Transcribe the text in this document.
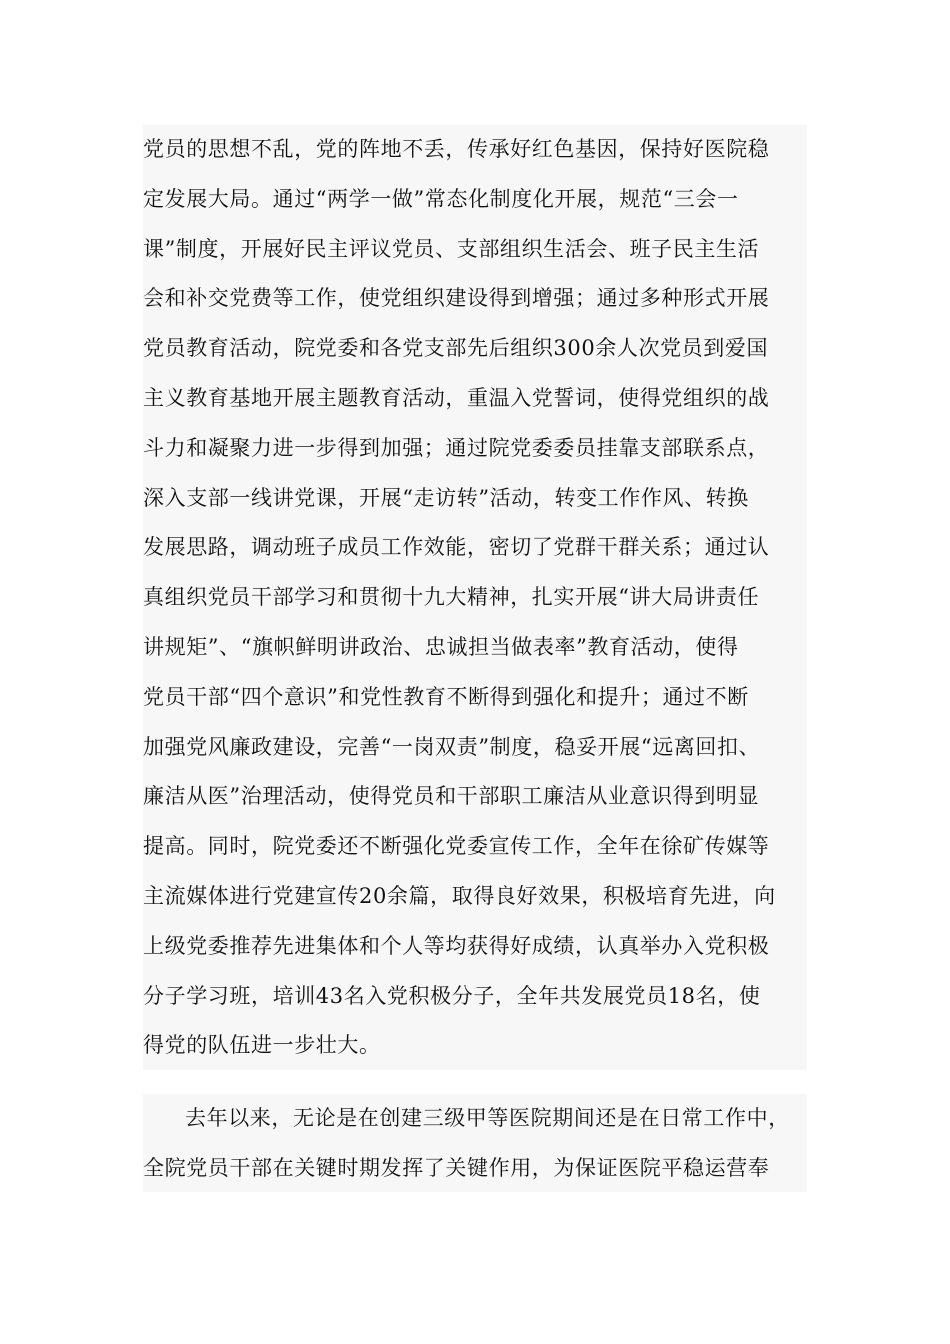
党员的思想不乱，党的阵地不丢，传承好红色基因，保持好医院稳
定发展大局。通过“两学一做”常态化制度化开展，规范“三会一
课”制度，开展好民主评议党员、支部组织生活会、班子民主生活
会和补交党费等工作，使党组织建设得到增强；通过多种形式开展
党员教育活动，院党委和各党支部先后组织300余人次党员到爱国
主义教育基地开展主题教育活动，重温入党誓词，使得党组织的战
斗力和凝聚力进一步得到加强；通过院党委委员挂靠支部联系点，
深入支部一线讲党课，开展“走访转”活动，转变工作作风、转换
发展思路，调动班子成员工作效能，密切了党群干群关系；通过认
真组织党员干部学习和贯彻十九大精神，扎实开展“讲大局讲责任
讲规矩”、“旗帜鲜明讲政治、忠诚担当做表率”教育活动，使得
党员干部“四个意识”和党性教育不断得到强化和提升；通过不断
加强党风廉政建设，完善“一岗双责”制度，稳妥开展“远离回扣、
廉洁从医”治理活动，使得党员和干部职工廉洁从业意识得到明显
提高。同时，院党委还不断强化党委宣传工作，全年在徐矿传媒等
主流媒体进行党建宣传20余篇，取得良好效果，积极培育先进，向
上级党委推荐先进集体和个人等均获得好成绩，认真举办入党积极
分子学习班，培训43名入党积极分子，全年共发展党员18名，使
得党的队伍进一步壮大。
去年以来，无论是在创建三级甲等医院期间还是在日常工作中，
全院党员干部在关键时期发挥了关键作用，为保证医院平稳运营奉
